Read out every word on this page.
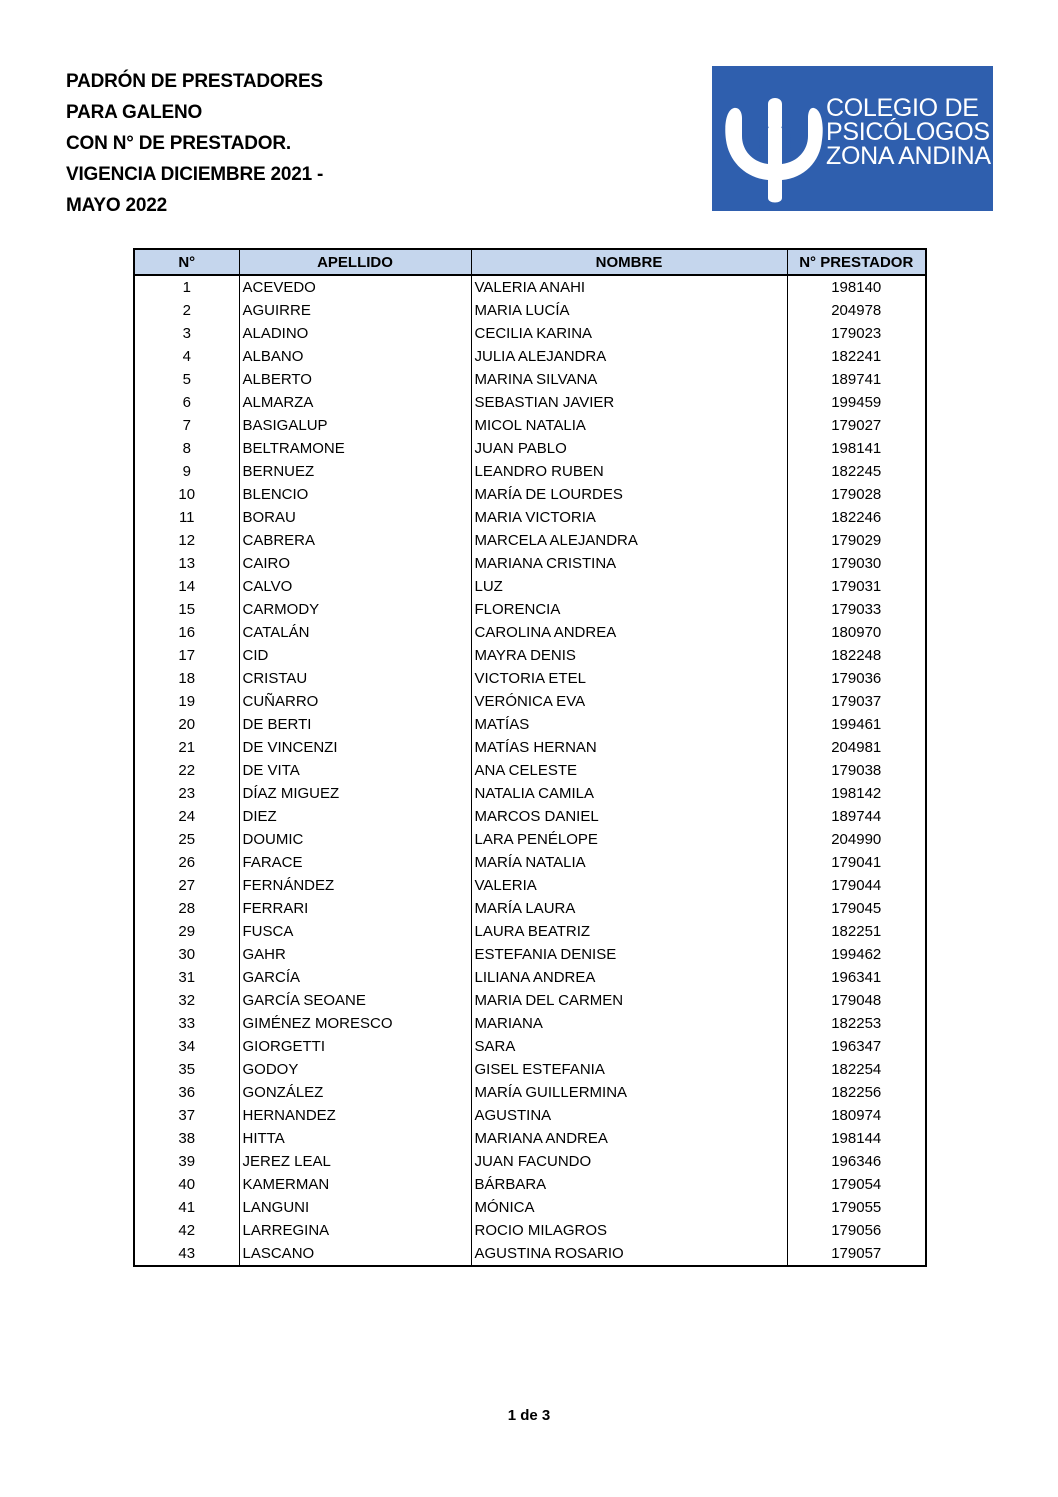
PADRÓN DE PRESTADORES
PARA GALENO
CON N° DE PRESTADOR.
VIGENCIA DICIEMBRE 2021 -
MAYO 2022
COLEGIO DE
PSICÓLOGOS
ZONA ANDINA
N°	APELLIDO	NOMBRE	N° PRESTADOR
1	ACEVEDO	VALERIA ANAHI	198140
2	AGUIRRE	MARIA LUCÍA	204978
3	ALADINO	CECILIA KARINA	179023
4	ALBANO	JULIA ALEJANDRA	182241
5	ALBERTO	MARINA SILVANA	189741
6	ALMARZA	SEBASTIAN JAVIER	199459
7	BASIGALUP	MICOL NATALIA	179027
8	BELTRAMONE	JUAN PABLO	198141
9	BERNUEZ	LEANDRO RUBEN	182245
10	BLENCIO	MARÍA DE LOURDES	179028
11	BORAU	MARIA VICTORIA	182246
12	CABRERA	MARCELA ALEJANDRA	179029
13	CAIRO	MARIANA CRISTINA	179030
14	CALVO	LUZ	179031
15	CARMODY	FLORENCIA	179033
16	CATALÁN	CAROLINA ANDREA	180970
17	CID	MAYRA DENIS	182248
18	CRISTAU	VICTORIA ETEL	179036
19	CUÑARRO	VERÓNICA EVA	179037
20	DE BERTI	MATÍAS	199461
21	DE VINCENZI	MATÍAS HERNAN	204981
22	DE VITA	ANA CELESTE	179038
23	DÍAZ MIGUEZ	NATALIA CAMILA	198142
24	DIEZ	MARCOS DANIEL	189744
25	DOUMIC	LARA PENÉLOPE	204990
26	FARACE	MARÍA NATALIA	179041
27	FERNÁNDEZ	VALERIA	179044
28	FERRARI	MARÍA LAURA	179045
29	FUSCA	LAURA BEATRIZ	182251
30	GAHR	ESTEFANIA DENISE	199462
31	GARCÍA	LILIANA ANDREA	196341
32	GARCÍA SEOANE	MARIA DEL CARMEN	179048
33	GIMÉNEZ MORESCO	MARIANA	182253
34	GIORGETTI	SARA	196347
35	GODOY	GISEL ESTEFANIA	182254
36	GONZÁLEZ	MARÍA GUILLERMINA	182256
37	HERNANDEZ	AGUSTINA	180974
38	HITTA	MARIANA ANDREA	198144
39	JEREZ LEAL	JUAN FACUNDO	196346
40	KAMERMAN	BÁRBARA	179054
41	LANGUNI	MÓNICA	179055
42	LARREGINA	ROCIO MILAGROS	179056
43	LASCANO	AGUSTINA ROSARIO	179057
1 de 3
